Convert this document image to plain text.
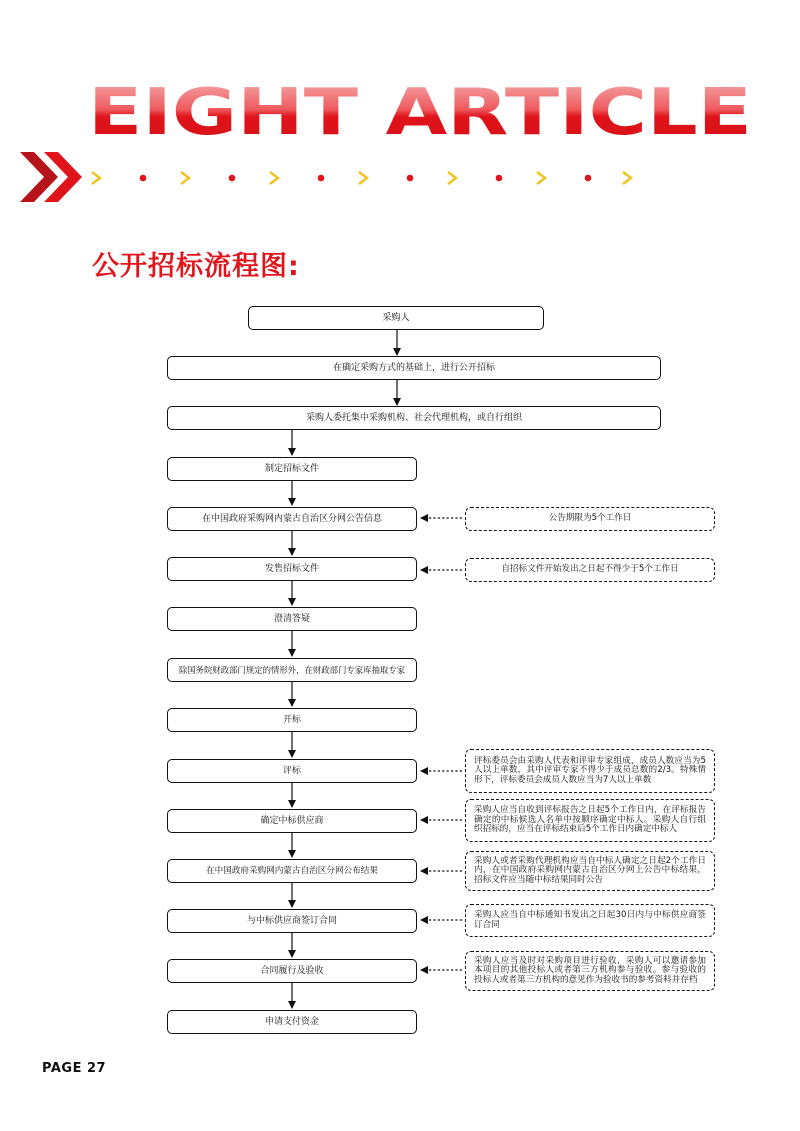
EIGHT ARTICLE
公开招标流程图:
采购人
在确定采购方式的基础上，进行公开招标
采购人委托集中采购机构、社会代理机构，或自行组织
制定招标文件
在中国政府采购网内蒙古自治区分网公告信息
发售招标文件
澄清答疑
除国务院财政部门规定的情形外，在财政部门专家库抽取专家
开标
评标
确定中标供应商
在中国政府采购网内蒙古自治区分网公布结果
与中标供应商签订合同
合同履行及验收
申请支付资金
公告期限为5个工作日
自招标文件开始发出之日起不得少于5个工作日
评标委员会由采购人代表和评审专家组成，成员人数应当为5人以上单数，其中评审专家不得少于成员总数的2/3。特殊情形下，评标委员会成员人数应当为7人以上单数
采购人应当自收到评标报告之日起5个工作日内，在评标报告确定的中标候选人名单中按顺序确定中标人。采购人自行组织招标的，应当在评标结束后5个工作日内确定中标人
采购人或者采购代理机构应当自中标人确定之日起2个工作日内，在中国政府采购网内蒙古自治区分网上公告中标结果，招标文件应当随中标结果同时公告
采购人应当自中标通知书发出之日起30日内与中标供应商签订合同
采购人应当及时对采购项目进行验收，采购人可以邀请参加本项目的其他投标人或者第三方机构参与验收。参与验收的投标人或者第三方机构的意见作为验收书的参考资料并存档
PAGE 27
